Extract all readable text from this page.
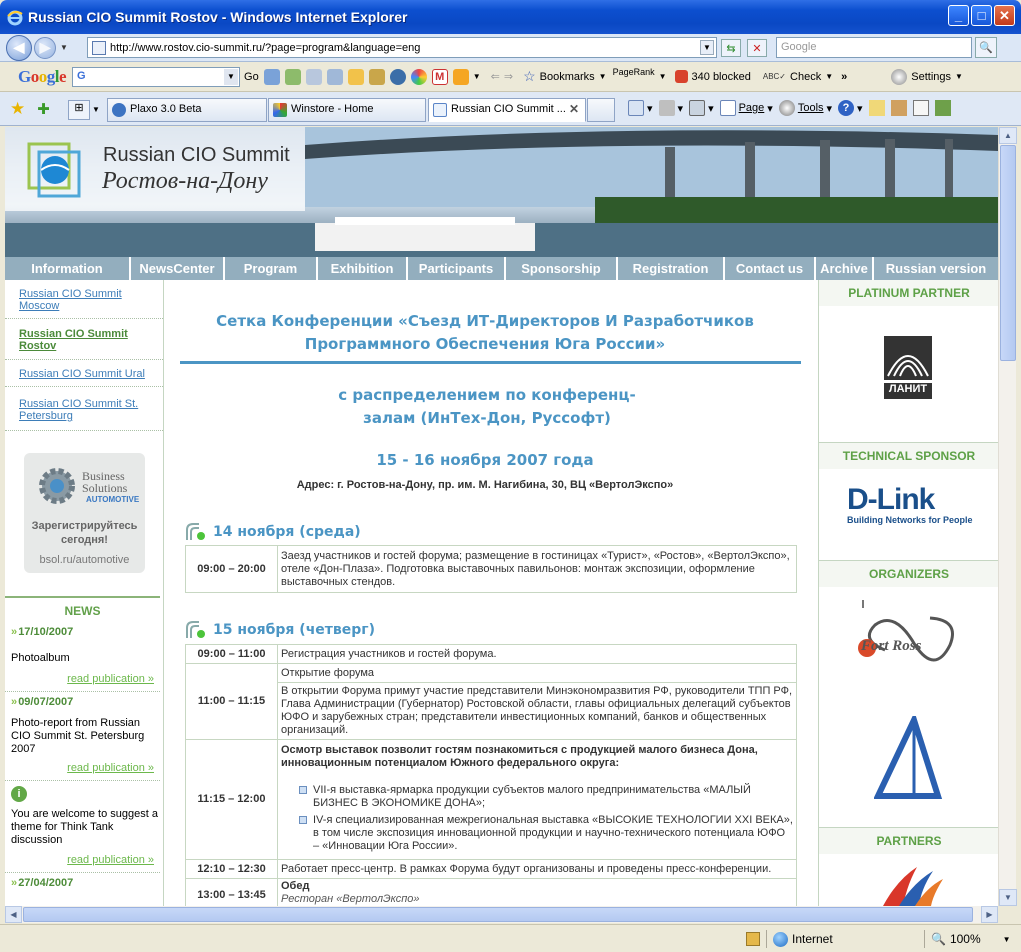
Russian CIO Summit Rostov - Windows Internet Explorer	_	□	✕
◀	▶	▼	http://www.rostov.cio-summit.ru/?page=program&language=eng	▼	⇆	✕	Google	🔍
Google	G	▼ Go	M	▼ ⇐ ⇒ ☆ Bookmarks ▼ PageRank ▼ 340 blocked ABC✓ Check ▼ »	Settings ▼
★ ✚	⊞	▼	Plaxo 3.0 Beta	Winstore - Home	Russian CIO Summit ... ✕	▾	▾	▾ Page ▾ Tools ▾ ? ▾
Russian CIO Summit
Ростов-на-Дону
Information	NewsCenter	Program	Exhibition	Participants	Sponsorship	Registration	Contact us	Archive	Russian version
Russian CIO Summit Moscow
Russian CIO Summit Rostov
Russian CIO Summit Ural
Russian CIO Summit St. Petersburg
Business
Solutions
AUTOMOTIVE
Зарегистрируйтесь сегодня!
bsol.ru/automotive
NEWS
» 17/10/2007
Photoalbum
read publication »
» 09/07/2007
Photo-report from Russian CIO Summit St. Petersburg 2007
read publication »
i
You are welcome to suggest a theme for Think Tank discussion
read publication »
» 27/04/2007
Сетка Конференции «Съезд ИТ-Директоров И Разработчиков Программного Обеспечения Юга России»
с распределением по конференц-залам (ИнТех-Дон, Руссофт)
15 - 16 ноября 2007 года
Адрес: г. Ростов-на-Дону, пр. им. М. Нагибина, 30, ВЦ «ВертолЭкспо»
14 ноября (среда)
09:00 – 20:00	Заезд участников и гостей форума; размещение в гостиницах «Турист», «Ростов», «ВертолЭкспо», отеле «Дон-Плаза». Подготовка выставочных павильонов: монтаж экспозиции, оформление выставочных стендов.
15 ноября (четверг)
09:00 – 11:00	Регистрация участников и гостей форума.
11:00 – 11:15	Открытие форума
	В открытии Форума примут участие представители Минэкономразвития РФ, руководители ТПП РФ, Глава Администрации (Губернатор) Ростовской области, главы официальных делегаций субъектов ЮФО и зарубежных стран; представители инвестиционных компаний, банков и общественных организаций.
11:15 – 12:00	Осмотр выставок позволит гостям познакомиться с продукцией малого бизнеса Дона, инновационным потенциалом Южного федерального округа:
VII-я выставка-ярмарка продукции субъектов малого предпринимательства «МАЛЫЙ БИЗНЕС В ЭКОНОМИКЕ ДОНА»;
IV-я специализированная межрегиональная выставка «ВЫСОКИЕ ТЕХНОЛОГИИ XXI ВЕКА», в том числе экспозиция инновационной продукции и научно-технического потенциала ЮФО – «Инновации Юга России».

12:10 – 12:30	Работает пресс-центр. В рамках Форума будут организованы и проведены пресс-конференции.
13:00 – 13:45	Обед
Ресторан «ВертолЭкспо»
PLATINUM PARTNER
ЛАНИТ
TECHNICAL SPONSOR
D-Link
Building Networks for People
ORGANIZERS
Fort Ross
PARTNERS
▲
▼
◀	▶
Internet	🔍 100%	▼
